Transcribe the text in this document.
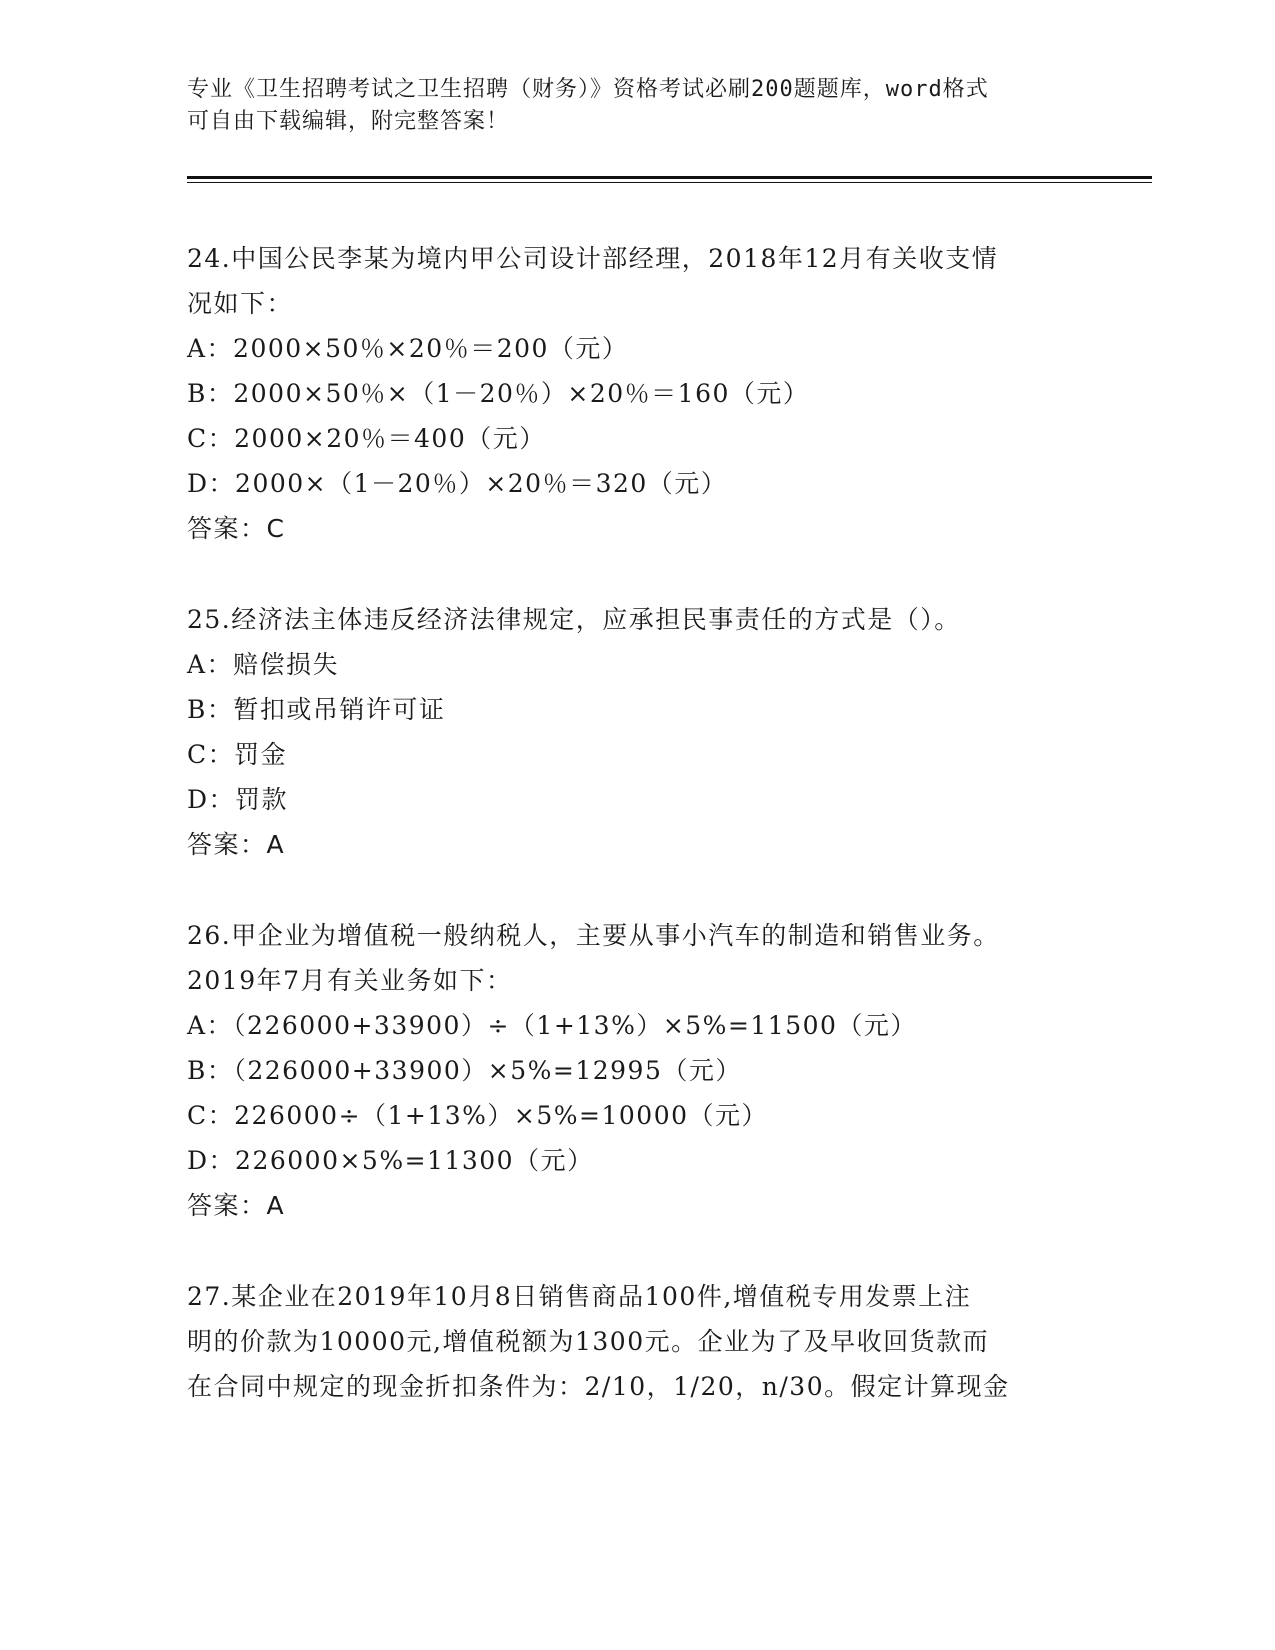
专业《卫生招聘考试之卫生招聘（财务）》资格考试必刷200题题库，word格式
可自由下载编辑，附完整答案！
24.中国公民李某为境内甲公司设计部经理，2018年12月有关收支情
况如下：
A：2000×50％×20％＝200（元）
B：2000×50％×（1－20％）×20％＝160（元）
C：2000×20％＝400（元）
D：2000×（1－20％）×20％＝320（元）
答案：C
25.经济法主体违反经济法律规定，应承担民事责任的方式是（）。
A：赔偿损失
B：暂扣或吊销许可证
C：罚金
D：罚款
答案：A
26.甲企业为增值税一般纳税人，主要从事小汽车的制造和销售业务。
2019年7月有关业务如下：
A：（226000+33900）÷（1+13%）×5%=11500（元）
B：（226000+33900）×5%=12995（元）
C：226000÷（1+13%）×5%=10000（元）
D：226000×5%=11300（元）
答案：A
27.某企业在2019年10月8日销售商品100件,增值税专用发票上注
明的价款为10000元,增值税额为1300元。企业为了及早收回货款而
在合同中规定的现金折扣条件为：2/10，1/20，n/30。假定计算现金
